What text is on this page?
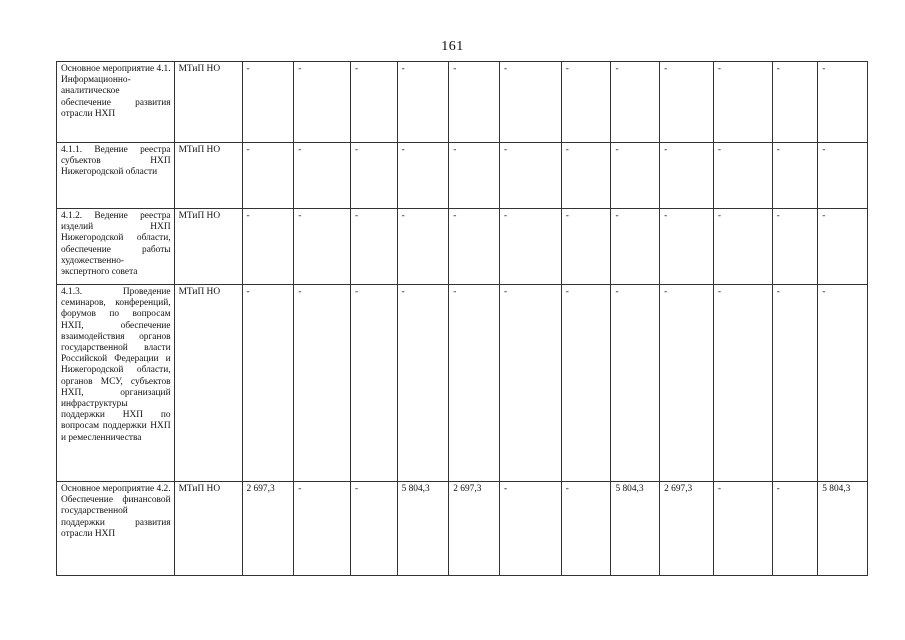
161
Основное мероприятие 4.1. Информационно-аналитическое обеспечение развития отрасли НХП	МТиП НО	-	-	-	-	-	-	-	-	-	-	-	-
4.1.1. Ведение реестра субъектов НХП Нижегородской области	МТиП НО	-	-	-	-	-	-	-	-	-	-	-	-
4.1.2. Ведение реестра изделий НХП Нижегородской области, обеспечение работы художественно-экспертного совета	МТиП НО	-	-	-	-	-	-	-	-	-	-	-	-
4.1.3. Проведение семинаров, конференций, форумов по вопросам НХП, обеспечение взаимодействия органов государственной власти Российской Федерации и Нижегородской области, органов МСУ, субъектов НХП, организаций инфраструктуры поддержки НХП по вопросам поддержки НХП и ремесленничества	МТиП НО	-	-	-	-	-	-	-	-	-	-	-	-
Основное мероприятие 4.2. Обеспечение финансовой государственной поддержки развития отрасли НХП	МТиП НО	2 697,3	-	-	5 804,3	2 697,3	-	-	5 804,3	2 697,3	-	-	5 804,3
